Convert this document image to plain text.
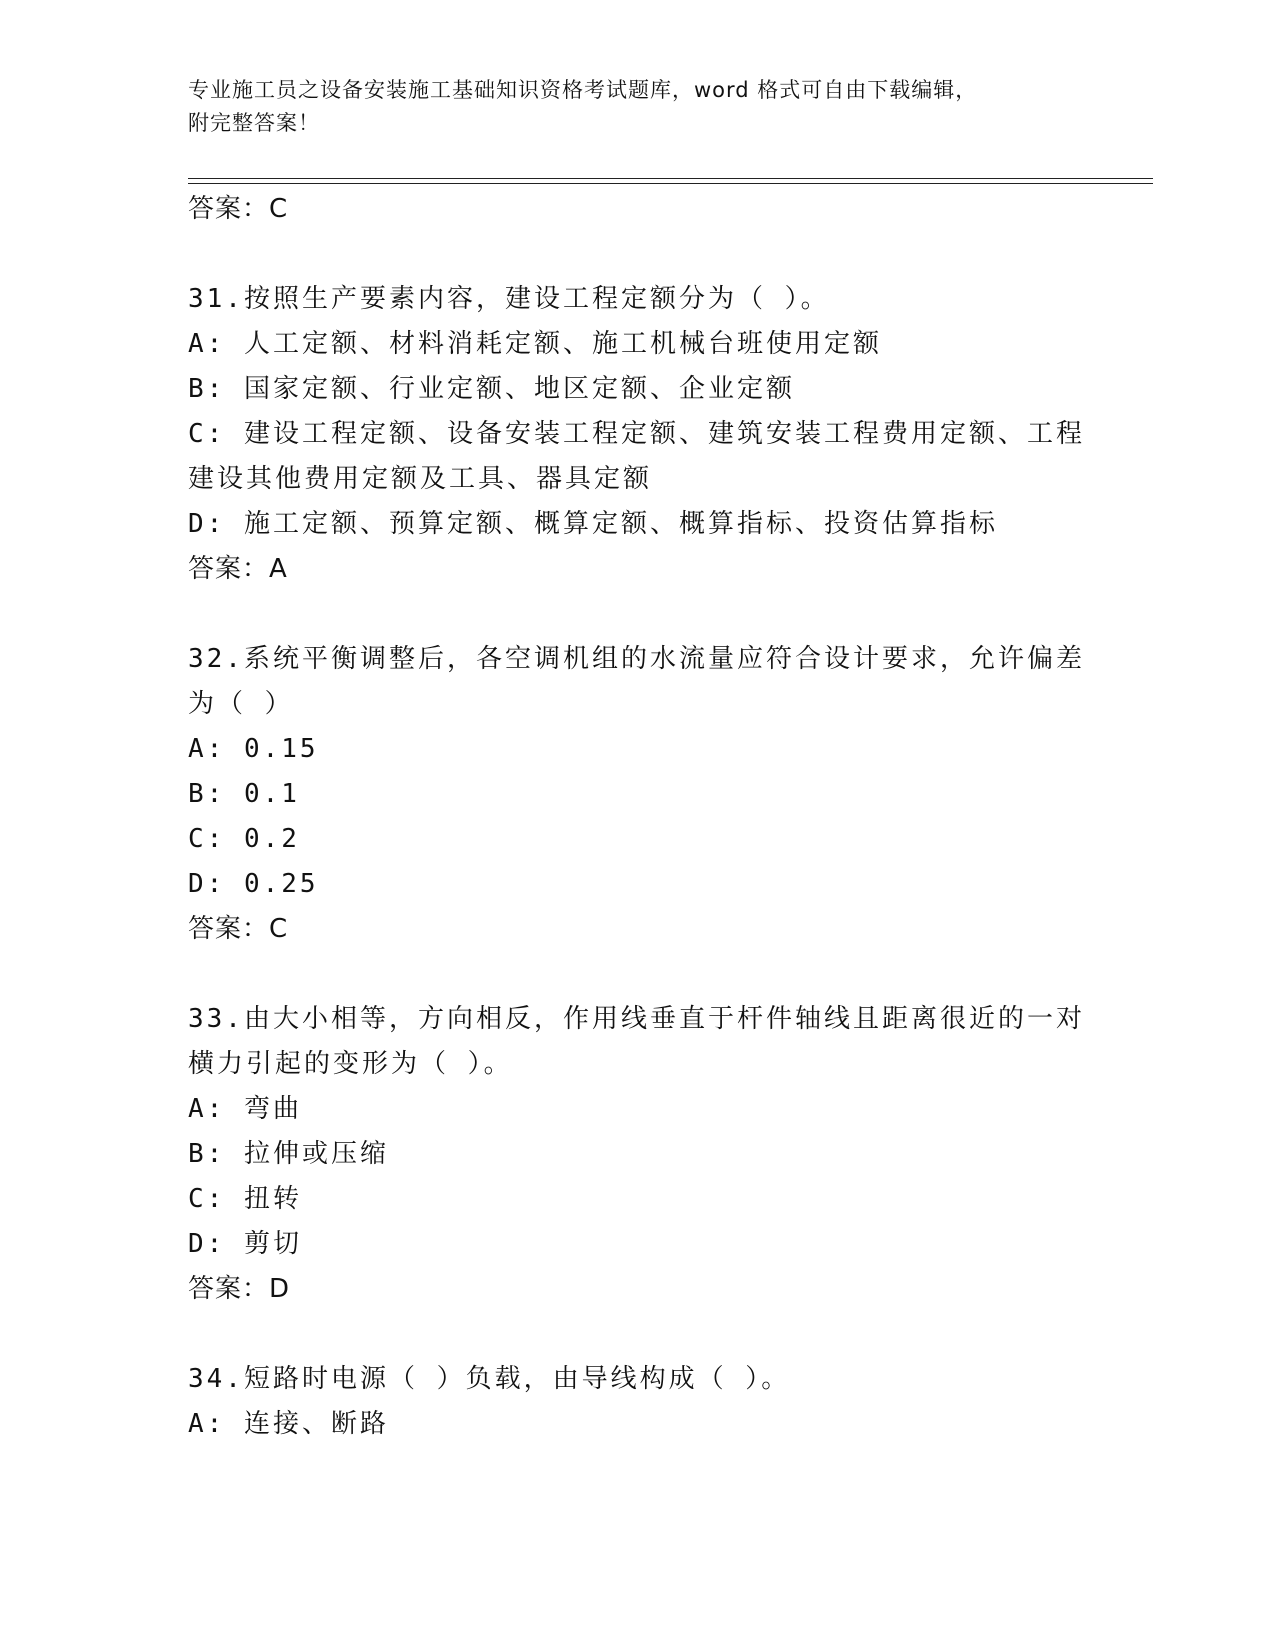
专业施工员之设备安装施工基础知识资格考试题库，word 格式可自由下载编辑，
附完整答案！
答案：C
31.按照生产要素内容，建设工程定额分为（ ）。
A: 人工定额、材料消耗定额、施工机械台班使用定额
B: 国家定额、行业定额、地区定额、企业定额
C: 建设工程定额、设备安装工程定额、建筑安装工程费用定额、工程
建设其他费用定额及工具、器具定额
D: 施工定额、预算定额、概算定额、概算指标、投资估算指标
答案：A
32.系统平衡调整后，各空调机组的水流量应符合设计要求，允许偏差
为（ ）
A: 0.15
B: 0.1
C: 0.2
D: 0.25
答案：C
33.由大小相等，方向相反，作用线垂直于杆件轴线且距离很近的一对
横力引起的变形为（ ）。
A: 弯曲
B: 拉伸或压缩
C: 扭转
D: 剪切
答案：D
34.短路时电源（ ）负载，由导线构成（ ）。
A: 连接、断路
